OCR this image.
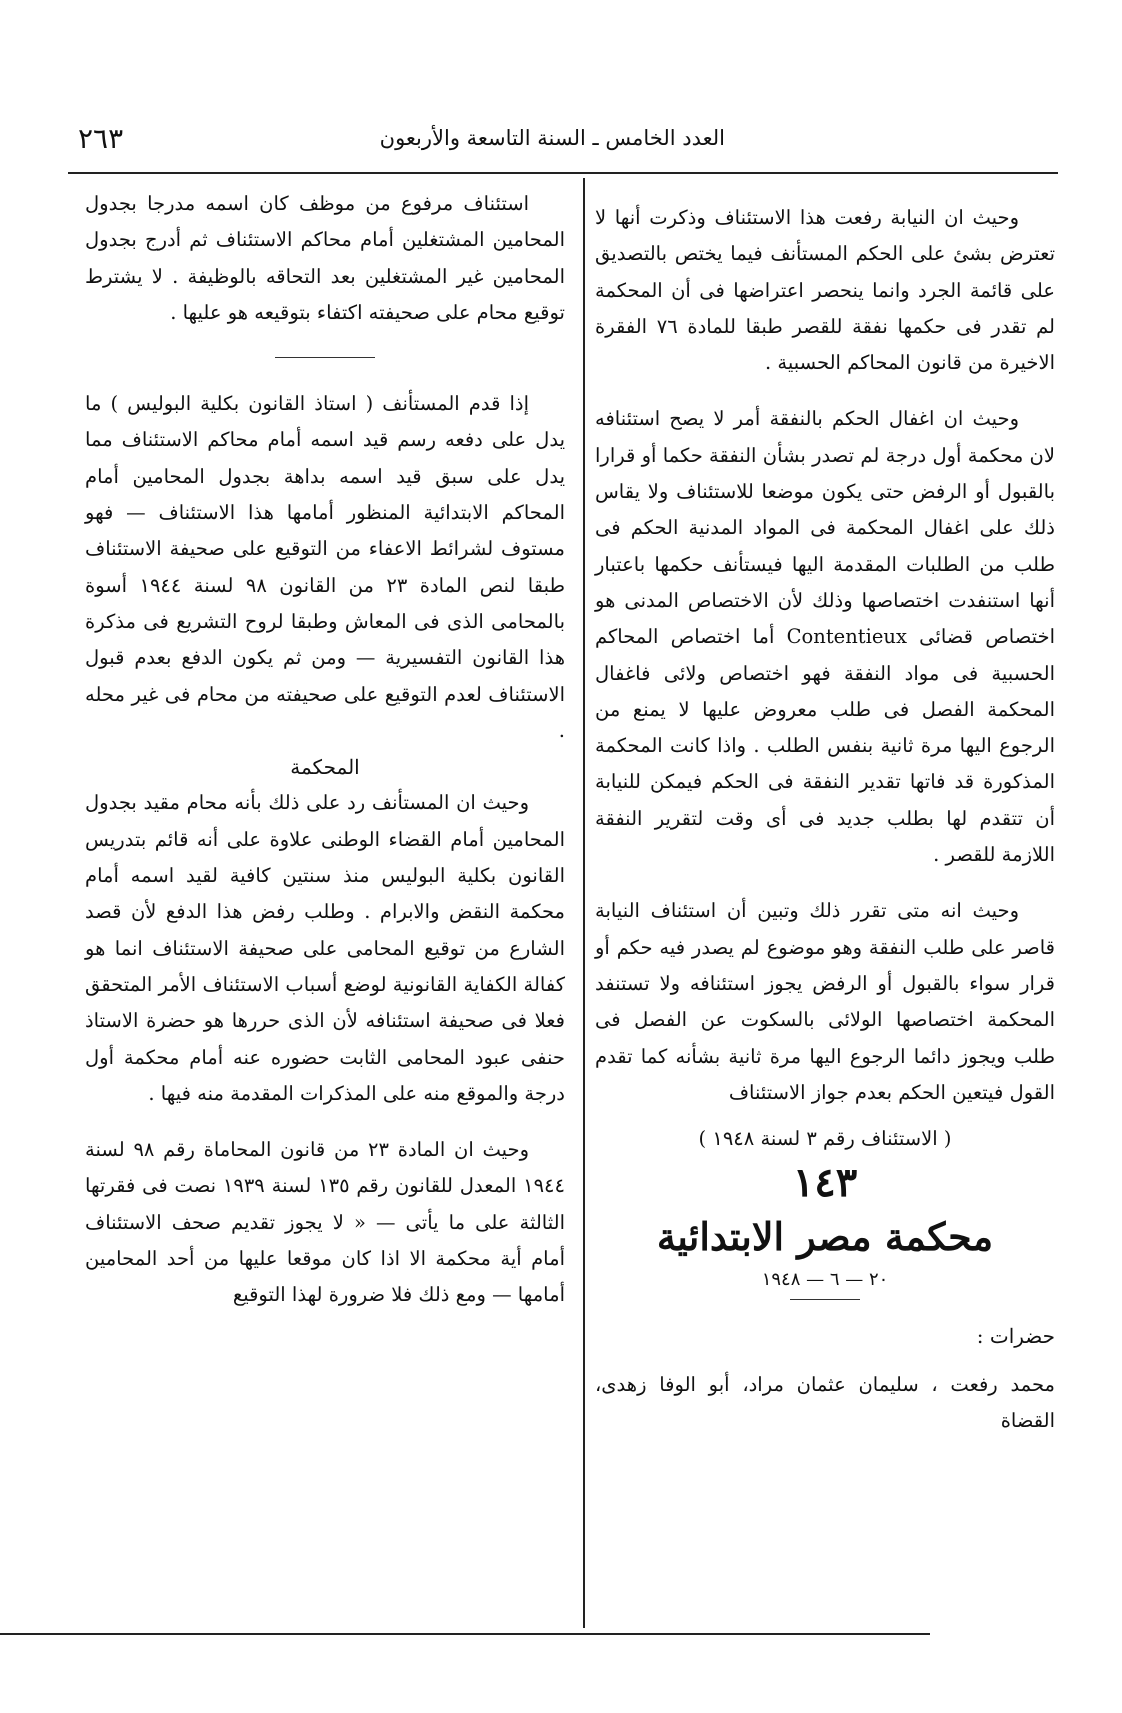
العدد الخامس ـ السنة التاسعة والأربعون
٢٦٣

وحيث ان النيابة رفعت هذا الاستئناف وذكرت أنها لا تعترض بشئ على الحكم المستأنف فيما يختص بالتصديق على قائمة الجرد وانما ينحصر اعتراضها فى أن المحكمة لم تقدر فى حكمها نفقة للقصر طبقا للمادة ٧٦ الفقرة الاخيرة من قانون المحاكم الحسبية .

وحيث ان اغفال الحكم بالنفقة أمر لا يصح استئنافه لان محكمة أول درجة لم تصدر بشأن النفقة حكما أو قرارا بالقبول أو الرفض حتى يكون موضعا للاستئناف ولا يقاس ذلك على اغفال المحكمة فى المواد المدنية الحكم فى طلب من الطلبات المقدمة اليها فيستأنف حكمها باعتبار أنها استنفدت اختصاصها وذلك لأن الاختصاص المدنى هو اختصاص قضائى Contentieux أما اختصاص المحاكم الحسبية فى مواد النفقة فهو اختصاص ولائى فاغفال المحكمة الفصل فى طلب معروض عليها لا يمنع من الرجوع اليها مرة ثانية بنفس الطلب . واذا كانت المحكمة المذكورة قد فاتها تقدير النفقة فى الحكم فيمكن للنيابة أن تتقدم لها بطلب جديد فى أى وقت لتقرير النفقة اللازمة للقصر .

وحيث انه متى تقرر ذلك وتبين أن استئناف النيابة قاصر على طلب النفقة وهو موضوع لم يصدر فيه حكم أو قرار سواء بالقبول أو الرفض يجوز استئنافه ولا تستنفد المحكمة اختصاصها الولائى بالسكوت عن الفصل فى طلب ويجوز دائما الرجوع اليها مرة ثانية بشأنه كما تقدم القول فيتعين الحكم بعدم جواز الاستئناف

( الاستئناف رقم ٣ لسنة ١٩٤٨ )

١٤٣

محكمة مصر الابتدائية

٢٠ — ٦ — ١٩٤٨

حضرات :

محمد رفعت ، سليمان عثمان مراد، أبو الوفا زهدى، القضاة

استئناف مرفوع من موظف كان اسمه مدرجا بجدول المحامين المشتغلين أمام محاكم الاستئناف ثم أدرج بجدول المحامين غير المشتغلين بعد التحاقه بالوظيفة . لا يشترط توقيع محام على صحيفته اكتفاء بتوقيعه هو عليها .

إذا قدم المستأنف ( استاذ القانون بكلية البوليس ) ما يدل على دفعه رسم قيد اسمه أمام محاكم الاستئناف مما يدل على سبق قيد اسمه بداهة بجدول المحامين أمام المحاكم الابتدائية المنظور أمامها هذا الاستئناف — فهو مستوف لشرائط الاعفاء من التوقيع على صحيفة الاستئناف طبقا لنص المادة ٢٣ من القانون ٩٨ لسنة ١٩٤٤ أسوة بالمحامى الذى فى المعاش وطبقا لروح التشريع فى مذكرة هذا القانون التفسيرية — ومن ثم يكون الدفع بعدم قبول الاستئناف لعدم التوقيع على صحيفته من محام فى غير محله .

المحكمة

وحيث ان المستأنف رد على ذلك بأنه محام مقيد بجدول المحامين أمام القضاء الوطنى علاوة على أنه قائم بتدريس القانون بكلية البوليس منذ سنتين كافية لقيد اسمه أمام محكمة النقض والابرام . وطلب رفض هذا الدفع لأن قصد الشارع من توقيع المحامى على صحيفة الاستئناف انما هو كفالة الكفاية القانونية لوضع أسباب الاستئناف الأمر المتحقق فعلا فى صحيفة استئنافه لأن الذى حررها هو حضرة الاستاذ حنفى عبود المحامى الثابت حضوره عنه أمام محكمة أول درجة والموقع منه على المذكرات المقدمة منه فيها .

وحيث ان المادة ٢٣ من قانون المحاماة رقم ٩٨ لسنة ١٩٤٤ المعدل للقانون رقم ١٣٥ لسنة ١٩٣٩ نصت فى فقرتها الثالثة على ما يأتى — « لا يجوز تقديم صحف الاستئناف أمام أية محكمة الا اذا كان موقعا عليها من أحد المحامين أمامها — ومع ذلك فلا ضرورة لهذا التوقيع
